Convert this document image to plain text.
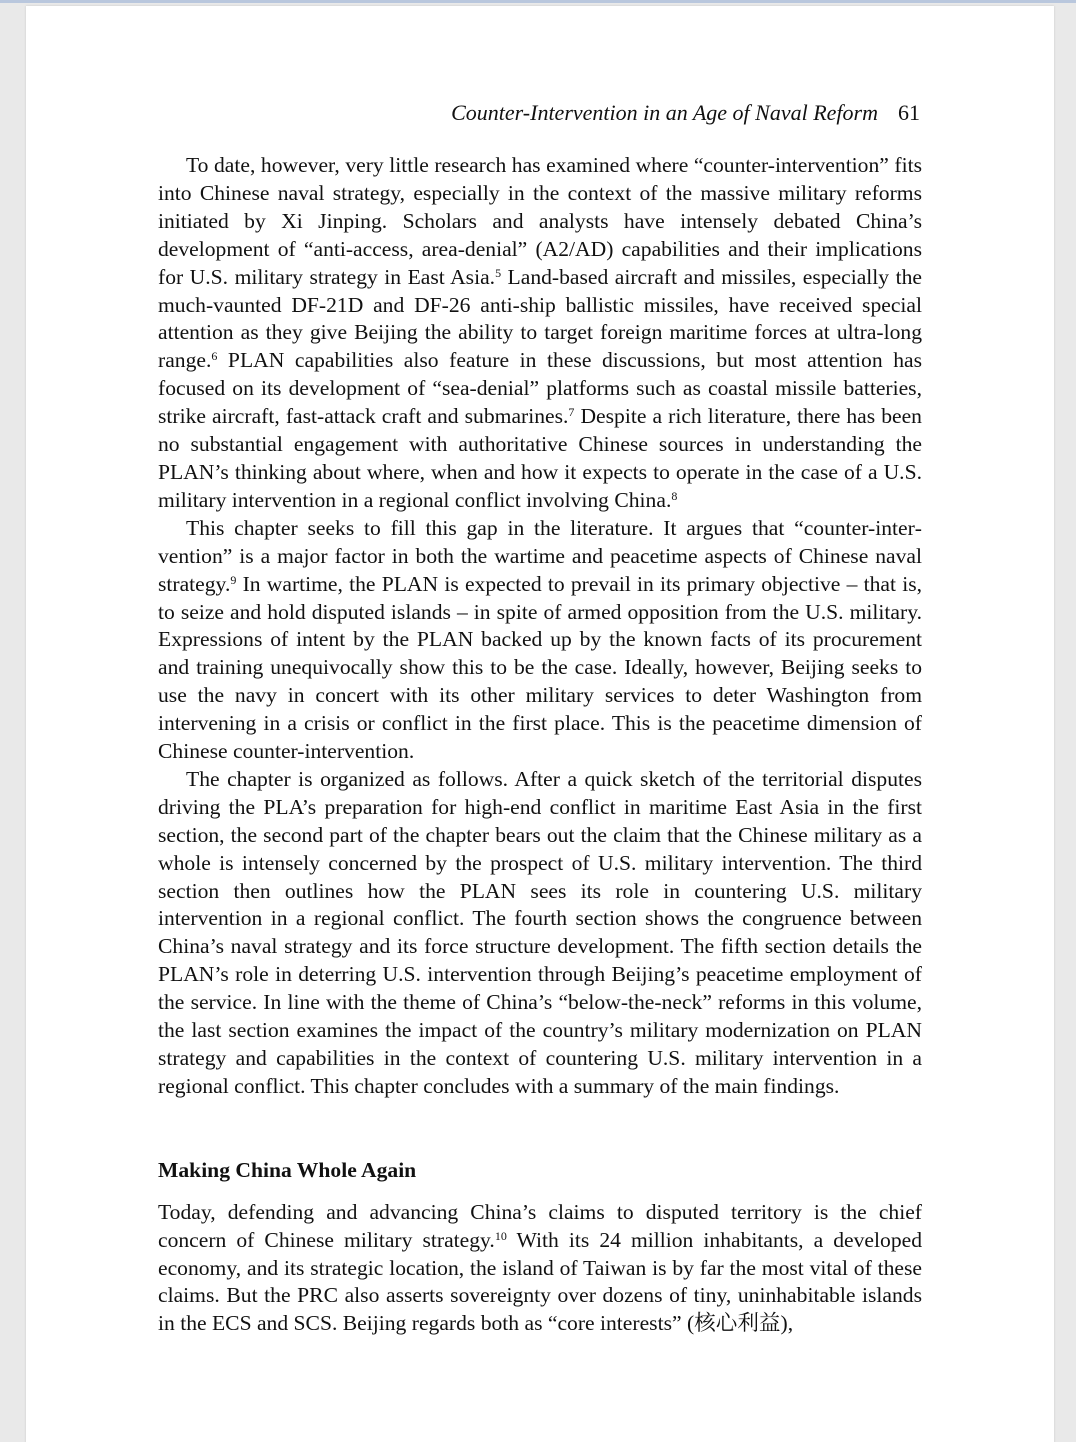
Counter-Intervention in an Age of Naval Reform 61

To date, however, very little research has examined where “counter-intervention” fits into Chinese naval strategy, especially in the context of the massive military reforms initiated by Xi Jinping. Scholars and analysts have intensely debated China’s development of “anti-access, area-denial” (A2/AD) capabilities and their implications for U.S. military strategy in East Asia.$^5$ Land-based aircraft and missiles, especially the much-vaunted DF-21D and DF-26 anti-ship ballistic missiles, have received special attention as they give Beijing the ability to target foreign maritime forces at ultra-long range.$^6$ PLAN capabilities also feature in these discussions, but most attention has focused on its development of “sea-denial” platforms such as coastal missile batteries, strike aircraft, fast-attack craft and submarines.$^7$ Despite a rich literature, there has been no substantial engagement with authoritative Chinese sources in understanding the PLAN’s thinking about where, when and how it expects to operate in the case of a U.S. military intervention in a regional conflict involving China.$^8$

This chapter seeks to fill this gap in the literature. It argues that “counter-intervention” is a major factor in both the wartime and peacetime aspects of Chinese naval strategy.$^9$ In wartime, the PLAN is expected to prevail in its primary objective – that is, to seize and hold disputed islands – in spite of armed opposition from the U.S. military. Expressions of intent by the PLAN backed up by the known facts of its procurement and training unequivocally show this to be the case. Ideally, however, Beijing seeks to use the navy in concert with its other military services to deter Washington from intervening in a crisis or conflict in the first place. This is the peacetime dimension of Chinese counter-intervention.

The chapter is organized as follows. After a quick sketch of the territorial disputes driving the PLA’s preparation for high-end conflict in maritime East Asia in the first section, the second part of the chapter bears out the claim that the Chinese military as a whole is intensely concerned by the prospect of U.S. military intervention. The third section then outlines how the PLAN sees its role in countering U.S. military intervention in a regional conflict. The fourth section shows the congruence between China’s naval strategy and its force structure development. The fifth section details the PLAN’s role in deterring U.S. intervention through Beijing’s peacetime employment of the service. In line with the theme of China’s “below-the-neck” reforms in this volume, the last section examines the impact of the country’s military modernization on PLAN strategy and capabilities in the context of countering U.S. military intervention in a regional conflict. This chapter concludes with a summary of the main findings.

Making China Whole Again

Today, defending and advancing China’s claims to disputed territory is the chief concern of Chinese military strategy.$^{10}$ With its 24 million inhabitants, a developed economy, and its strategic location, the island of Taiwan is by far the most vital of these claims. But the PRC also asserts sovereignty over dozens of tiny, uninhabitable islands in the ECS and SCS. Beijing regards both as “core interests” (核心利益),
